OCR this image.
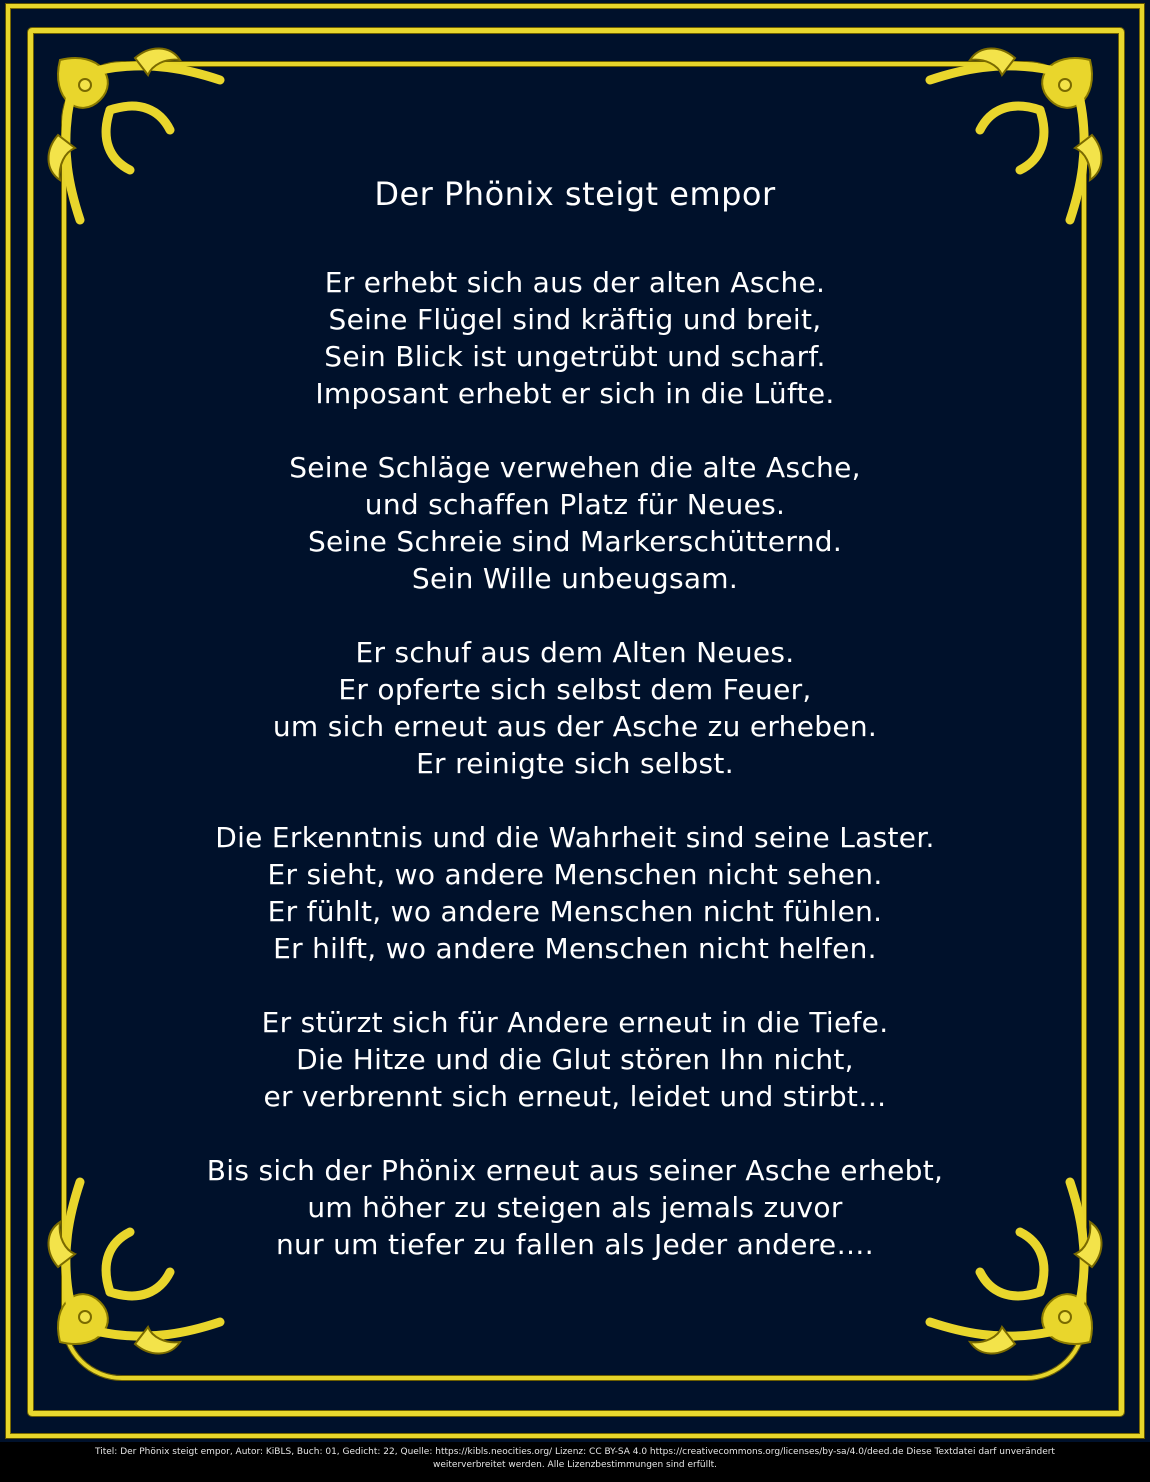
Der Phönix steigt empor
Er erhebt sich aus der alten Asche.
Seine Flügel sind kräftig und breit,
Sein Blick ist ungetrübt und scharf.
Imposant erhebt er sich in die Lüfte.
Seine Schläge verwehen die alte Asche,
und schaffen Platz für Neues.
Seine Schreie sind Markerschütternd.
Sein Wille unbeugsam.
Er schuf aus dem Alten Neues.
Er opferte sich selbst dem Feuer,
um sich erneut aus der Asche zu erheben.
Er reinigte sich selbst.
Die Erkenntnis und die Wahrheit sind seine Laster.
Er sieht, wo andere Menschen nicht sehen.
Er fühlt, wo andere Menschen nicht fühlen.
Er hilft, wo andere Menschen nicht helfen.
Er stürzt sich für Andere erneut in die Tiefe.
Die Hitze und die Glut stören Ihn nicht,
er verbrennt sich erneut, leidet und stirbt…
Bis sich der Phönix erneut aus seiner Asche erhebt,
um höher zu steigen als jemals zuvor
nur um tiefer zu fallen als Jeder andere….
Titel: Der Phönix steigt empor, Autor: KiBLS, Buch: 01, Gedicht: 22, Quelle: https://kibls.neocities.org/ Lizenz: CC BY-SA 4.0 https://creativecommons.org/licenses/by-sa/4.0/deed.de Diese Textdatei darf unverändert
weiterverbreitet werden. Alle Lizenzbestimmungen sind erfüllt.
